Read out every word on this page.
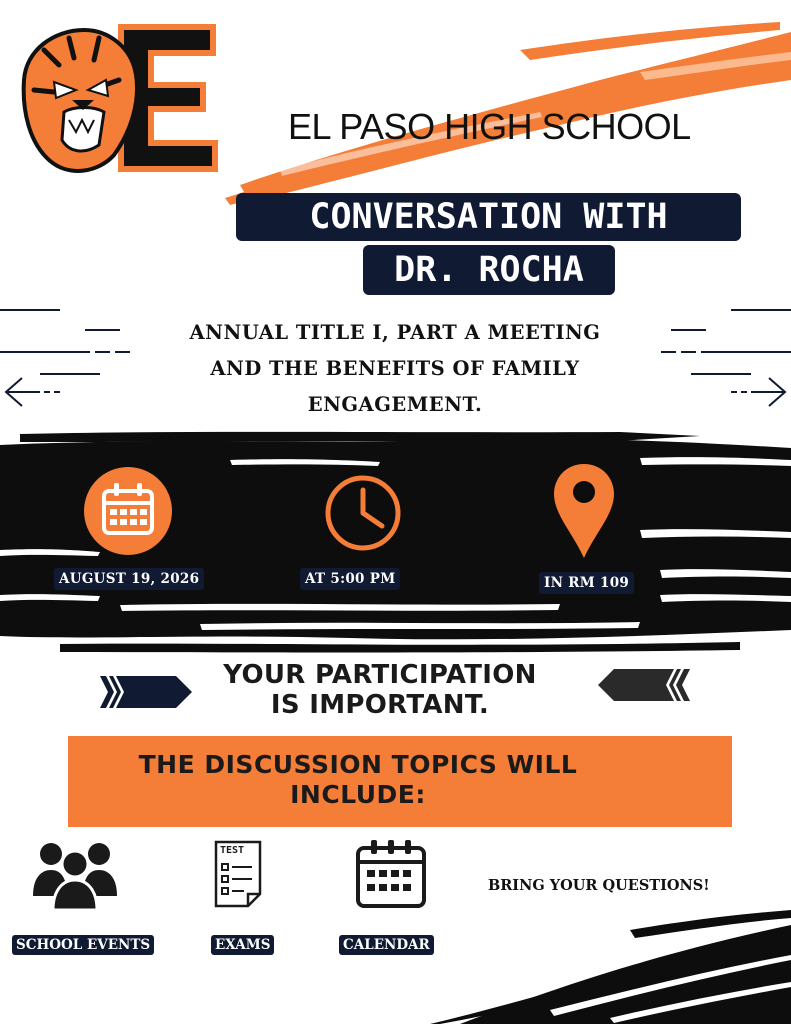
EL PASO HIGH SCHOOL
CONVERSATION WITH
DR. ROCHA
ANNUAL TITLE I, PART A MEETING
AND THE BENEFITS OF FAMILY
ENGAGEMENT.
AUGUST 19, 2026	AT 5:00 PM	IN RM 109
YOUR PARTICIPATION
IS IMPORTANT.
THE DISCUSSION TOPICS WILL
INCLUDE:
TEST
BRING YOUR QUESTIONS!
SCHOOL EVENTS	EXAMS	CALENDAR
